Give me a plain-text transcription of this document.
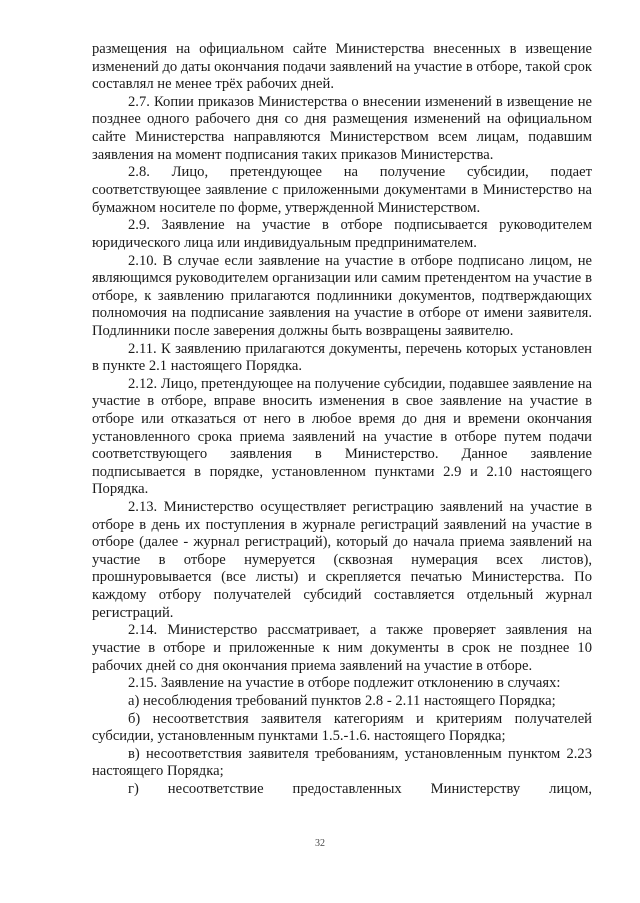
размещения на официальном сайте Министерства внесенных в извещение изменений до даты окончания подачи заявлений на участие в отборе, такой срок составлял не менее трёх рабочих дней.

2.7. Копии приказов Министерства о внесении изменений в извещение не позднее одного рабочего дня со дня размещения изменений на официальном сайте Министерства направляются Министерством всем лицам, подавшим заявления на момент подписания таких приказов Министерства.

2.8. Лицо, претендующее на получение субсидии, подает соответствующее заявление с приложенными документами в Министерство на бумажном носителе по форме, утвержденной Министерством.

2.9. Заявление на участие в отборе подписывается руководителем юридического лица или индивидуальным предпринимателем.

2.10. В случае если заявление на участие в отборе подписано лицом, не являющимся руководителем организации или самим претендентом на участие в отборе, к заявлению прилагаются подлинники документов, подтверждающих полномочия на подписание заявления на участие в отборе от имени заявителя. Подлинники после заверения должны быть возвращены заявителю.

2.11. К заявлению прилагаются документы, перечень которых установлен в пункте 2.1 настоящего Порядка.

2.12. Лицо, претендующее на получение субсидии, подавшее заявление на участие в отборе, вправе вносить изменения в свое заявление на участие в отборе или отказаться от него в любое время до дня и времени окончания установленного срока приема заявлений на участие в отборе путем подачи соответствующего заявления в Министерство. Данное заявление подписывается в порядке, установленном пунктами 2.9 и 2.10 настоящего Порядка.

2.13. Министерство осуществляет регистрацию заявлений на участие в отборе в день их поступления в журнале регистраций заявлений на участие в отборе (далее - журнал регистраций), который до начала приема заявлений на участие в отборе нумеруется (сквозная нумерация всех листов), прошнуровывается (все листы) и скрепляется печатью Министерства. По каждому отбору получателей субсидий составляется отдельный журнал регистраций.

2.14. Министерство рассматривает, а также проверяет заявления на участие в отборе и приложенные к ним документы в срок не позднее 10 рабочих дней со дня окончания приема заявлений на участие в отборе.

2.15. Заявление на участие в отборе подлежит отклонению в случаях:

а) несоблюдения требований пунктов 2.8 - 2.11 настоящего Порядка;

б) несоответствия заявителя категориям и критериям получателей субсидии, установленным пунктами 1.5.-1.6. настоящего Порядка;

в) несоответствия заявителя требованиям, установленным пунктом 2.23 настоящего Порядка;

г) несоответствие предоставленных Министерству лицом,

32
